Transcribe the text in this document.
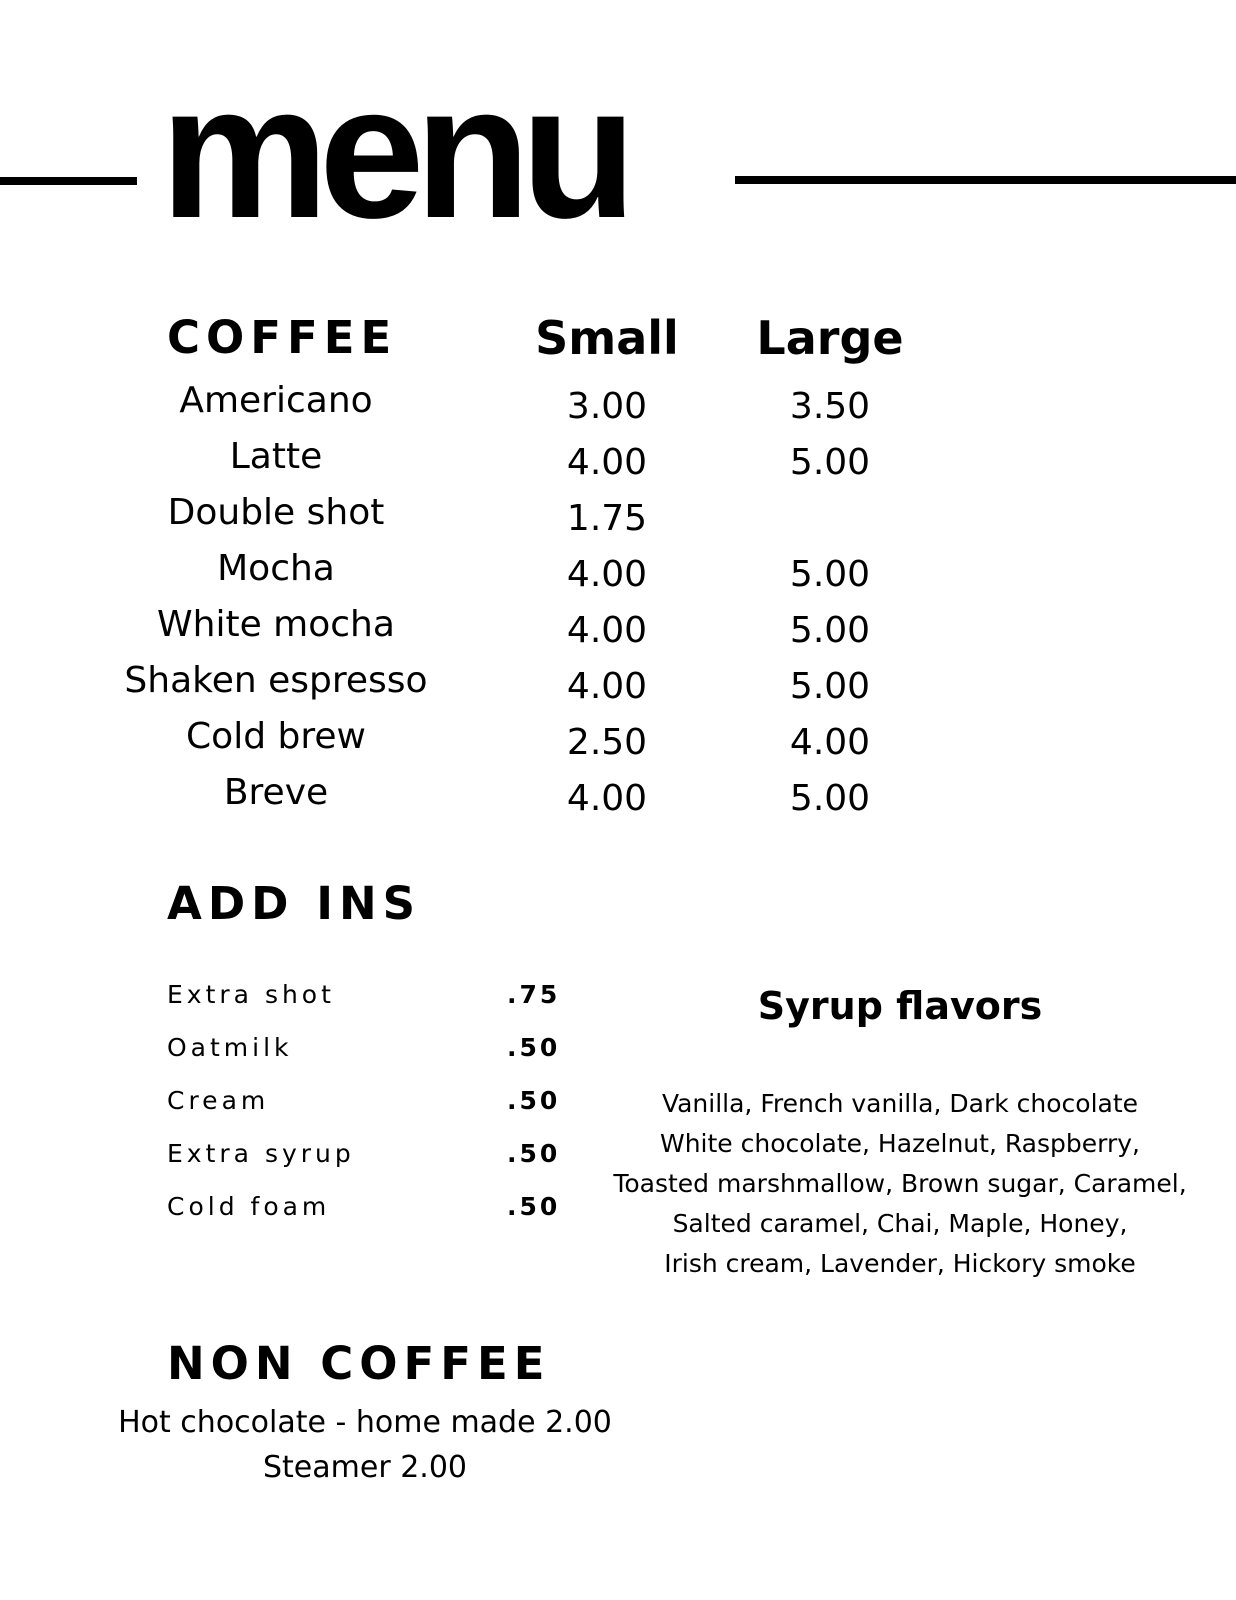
menu
COFFEE	Small	Large
Americano	3.00	3.50
Latte	4.00	5.00
Double shot	1.75
Mocha	4.00	5.00
White mocha	4.00	5.00
Shaken espresso	4.00	5.00
Cold brew	2.50	4.00
Breve	4.00	5.00
ADD INS
Extra shot	.75
Oatmilk	.50
Cream	.50
Extra syrup	.50
Cold foam	.50
Syrup flavors
Vanilla, French vanilla, Dark chocolate
White chocolate, Hazelnut, Raspberry,
Toasted marshmallow, Brown sugar, Caramel,
Salted caramel, Chai, Maple, Honey,
Irish cream, Lavender, Hickory smoke
NON COFFEE
Hot chocolate - home made 2.00
Steamer 2.00
